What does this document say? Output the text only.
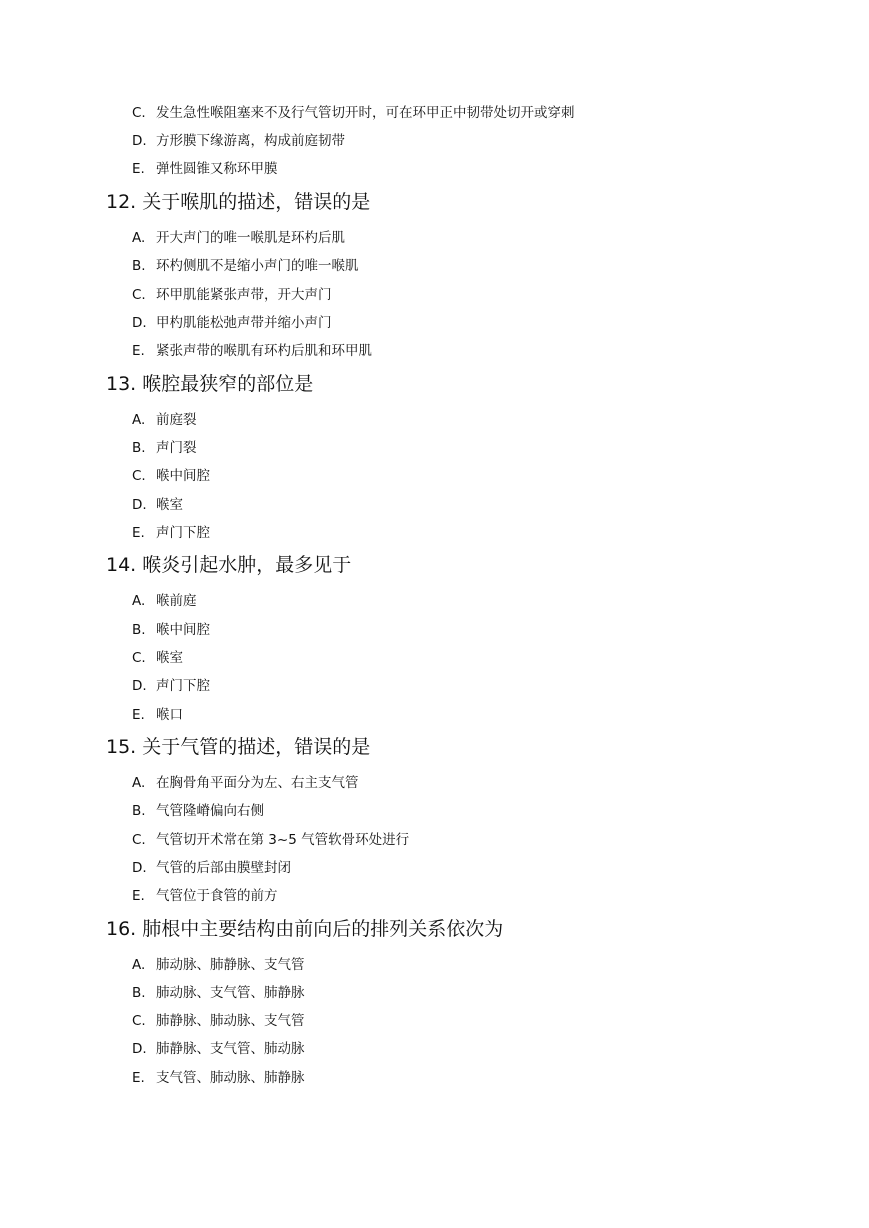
C. 发生急性喉阻塞来不及行气管切开时，可在环甲正中韧带处切开或穿刺
D. 方形膜下缘游离，构成前庭韧带
E. 弹性圆锥又称环甲膜
12. 关于喉肌的描述，错误的是
A. 开大声门的唯一喉肌是环杓后肌
B. 环杓侧肌不是缩小声门的唯一喉肌
C. 环甲肌能紧张声带，开大声门
D. 甲杓肌能松弛声带并缩小声门
E. 紧张声带的喉肌有环杓后肌和环甲肌
13. 喉腔最狭窄的部位是
A. 前庭裂
B. 声门裂
C. 喉中间腔
D. 喉室
E. 声门下腔
14. 喉炎引起水肿，最多见于
A. 喉前庭
B. 喉中间腔
C. 喉室
D. 声门下腔
E. 喉口
15. 关于气管的描述，错误的是
A. 在胸骨角平面分为左、右主支气管
B. 气管隆嵴偏向右侧
C. 气管切开术常在第 3~5 气管软骨环处进行
D. 气管的后部由膜壁封闭
E. 气管位于食管的前方
16. 肺根中主要结构由前向后的排列关系依次为
A. 肺动脉、肺静脉、支气管
B. 肺动脉、支气管、肺静脉
C. 肺静脉、肺动脉、支气管
D. 肺静脉、支气管、肺动脉
E. 支气管、肺动脉、肺静脉
